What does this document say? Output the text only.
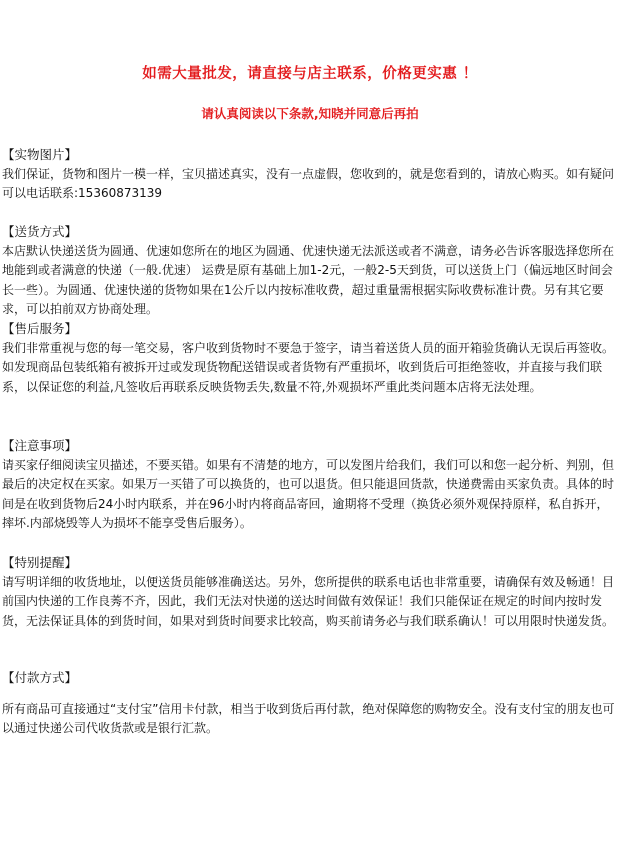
如需大量批发，请直接与店主联系，价格更实惠 ！
请认真阅读以下条款,知晓并同意后再拍
【实物图片】
我们保证，货物和图片一模一样，宝贝描述真实，没有一点虚假，您收到的，就是您看到的，请放心购买。如有疑问可以电话联系:15360873139
【送货方式】
本店默认快递送货为圆通、优速如您所在的地区为圆通、优速快递无法派送或者不满意，请务必告诉客服选择您所在地能到或者满意的快递（一般.优速） 运费是原有基础上加1-2元，一般2-5天到货，可以送货上门（偏远地区时间会长一些）。为圆通、优速快递的货物如果在1公斤以内按标准收费，超过重量需根据实际收费标准计费。另有其它要求，可以拍前双方协商处理。
【售后服务】
我们非常重视与您的每一笔交易，客户收到货物时不要急于签字，请当着送货人员的面开箱验货确认无误后再签收。如发现商品包装纸箱有被拆开过或发现货物配送错误或者货物有严重损坏，收到货后可拒绝签收，并直接与我们联系，以保证您的利益,凡签收后再联系反映货物丢失,数量不符,外观损坏严重此类问题本店将无法处理。
【注意事项】
请买家仔细阅读宝贝描述，不要买错。如果有不清楚的地方，可以发图片给我们，我们可以和您一起分析、判别，但最后的决定权在买家。如果万一买错了可以换货的，也可以退货。但只能退回货款，快递费需由买家负责。具体的时间是在收到货物后24小时内联系，并在96小时内将商品寄回，逾期将不受理（换货必须外观保持原样，私自拆开，摔坏.内部烧毁等人为损坏不能享受售后服务）。
【特别提醒】
请写明详细的收货地址，以便送货员能够准确送达。另外，您所提供的联系电话也非常重要，请确保有效及畅通！目前国内快递的工作良莠不齐，因此，我们无法对快递的送达时间做有效保证！我们只能保证在规定的时间内按时发货，无法保证具体的到货时间，如果对到货时间要求比较高，购买前请务必与我们联系确认！可以用限时快递发货。
【付款方式】
所有商品可直接通过“支付宝”信用卡付款，相当于收到货后再付款，绝对保障您的购物安全。没有支付宝的朋友也可以通过快递公司代收货款或是银行汇款。
